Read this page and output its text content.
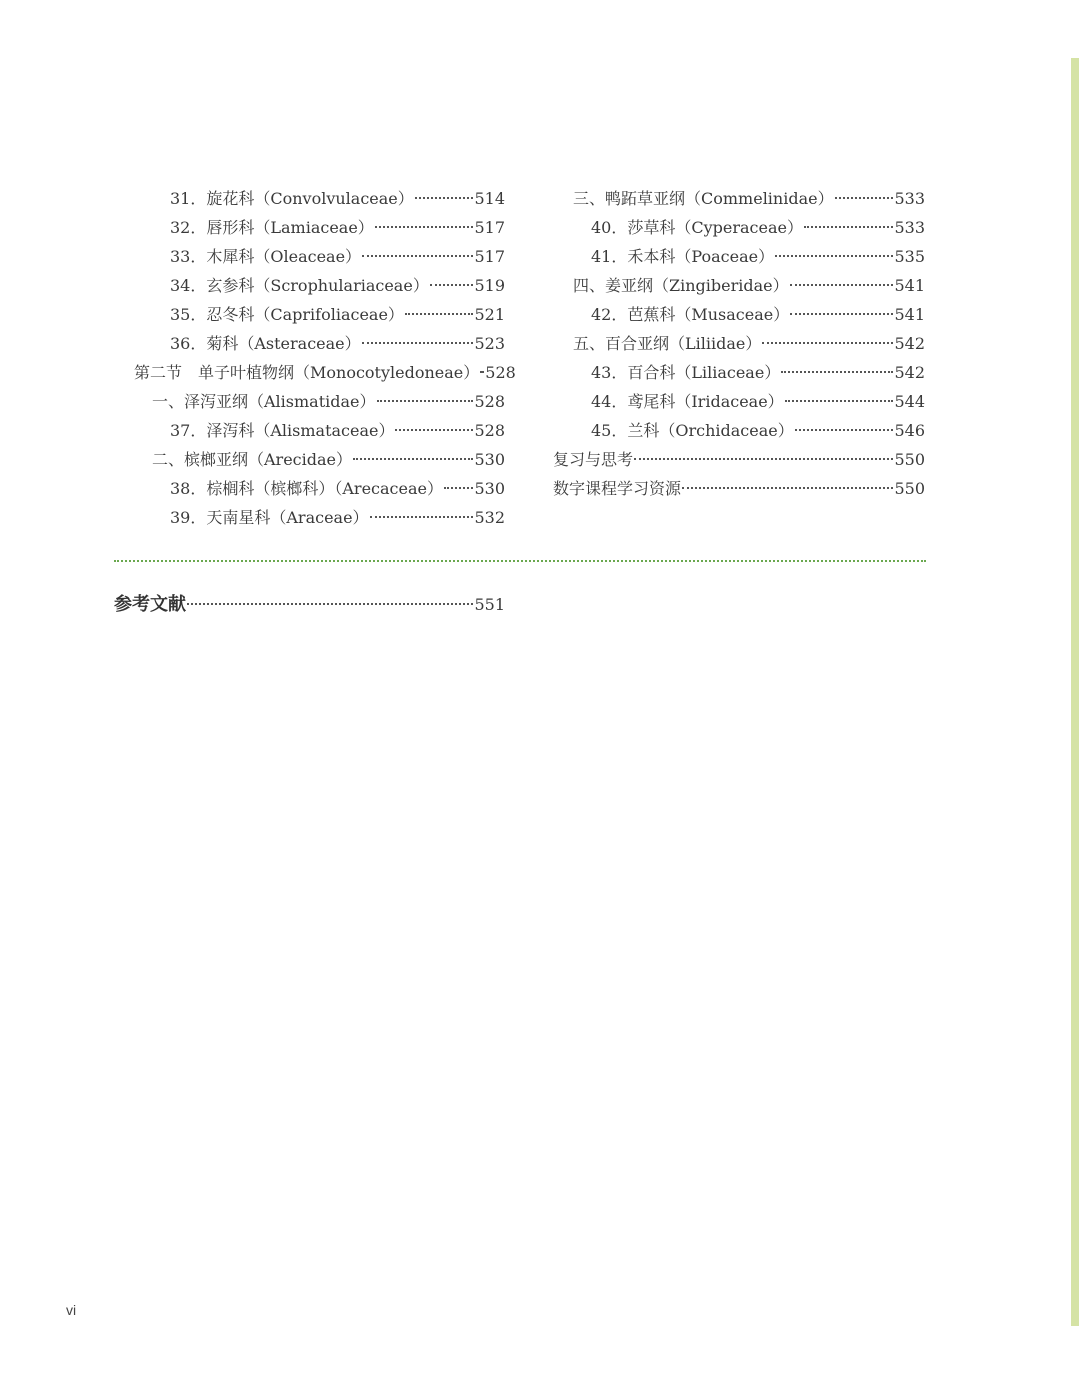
31．旋花科（Convolvulaceae）	514
32．唇形科（Lamiaceae）	517
33．木犀科（Oleaceae）	517
34．玄参科（Scrophulariaceae）	519
35．忍冬科（Caprifoliaceae）	521
36．菊科（Asteraceae）	523
第二节　单子叶植物纲（Monocotyledoneae） 528
一、泽泻亚纲（Alismatidae）	528
37．泽泻科（Alismataceae）	528
二、槟榔亚纲（Arecidae）	530
38．棕榈科（槟榔科）（Arecaceae） 530
39．天南星科（Araceae）	532
三、鸭跖草亚纲（Commelinidae）	533
40．莎草科（Cyperaceae）	533
41．禾本科（Poaceae）	535
四、姜亚纲（Zingiberidae）	541
42．芭蕉科（Musaceae）	541
五、百合亚纲（Liliidae）	542
43．百合科（Liliaceae）	542
44．鸢尾科（Iridaceae）	544
45．兰科（Orchidaceae）	546
复习与思考	550
数字课程学习资源	550
参考文献	551
vi
